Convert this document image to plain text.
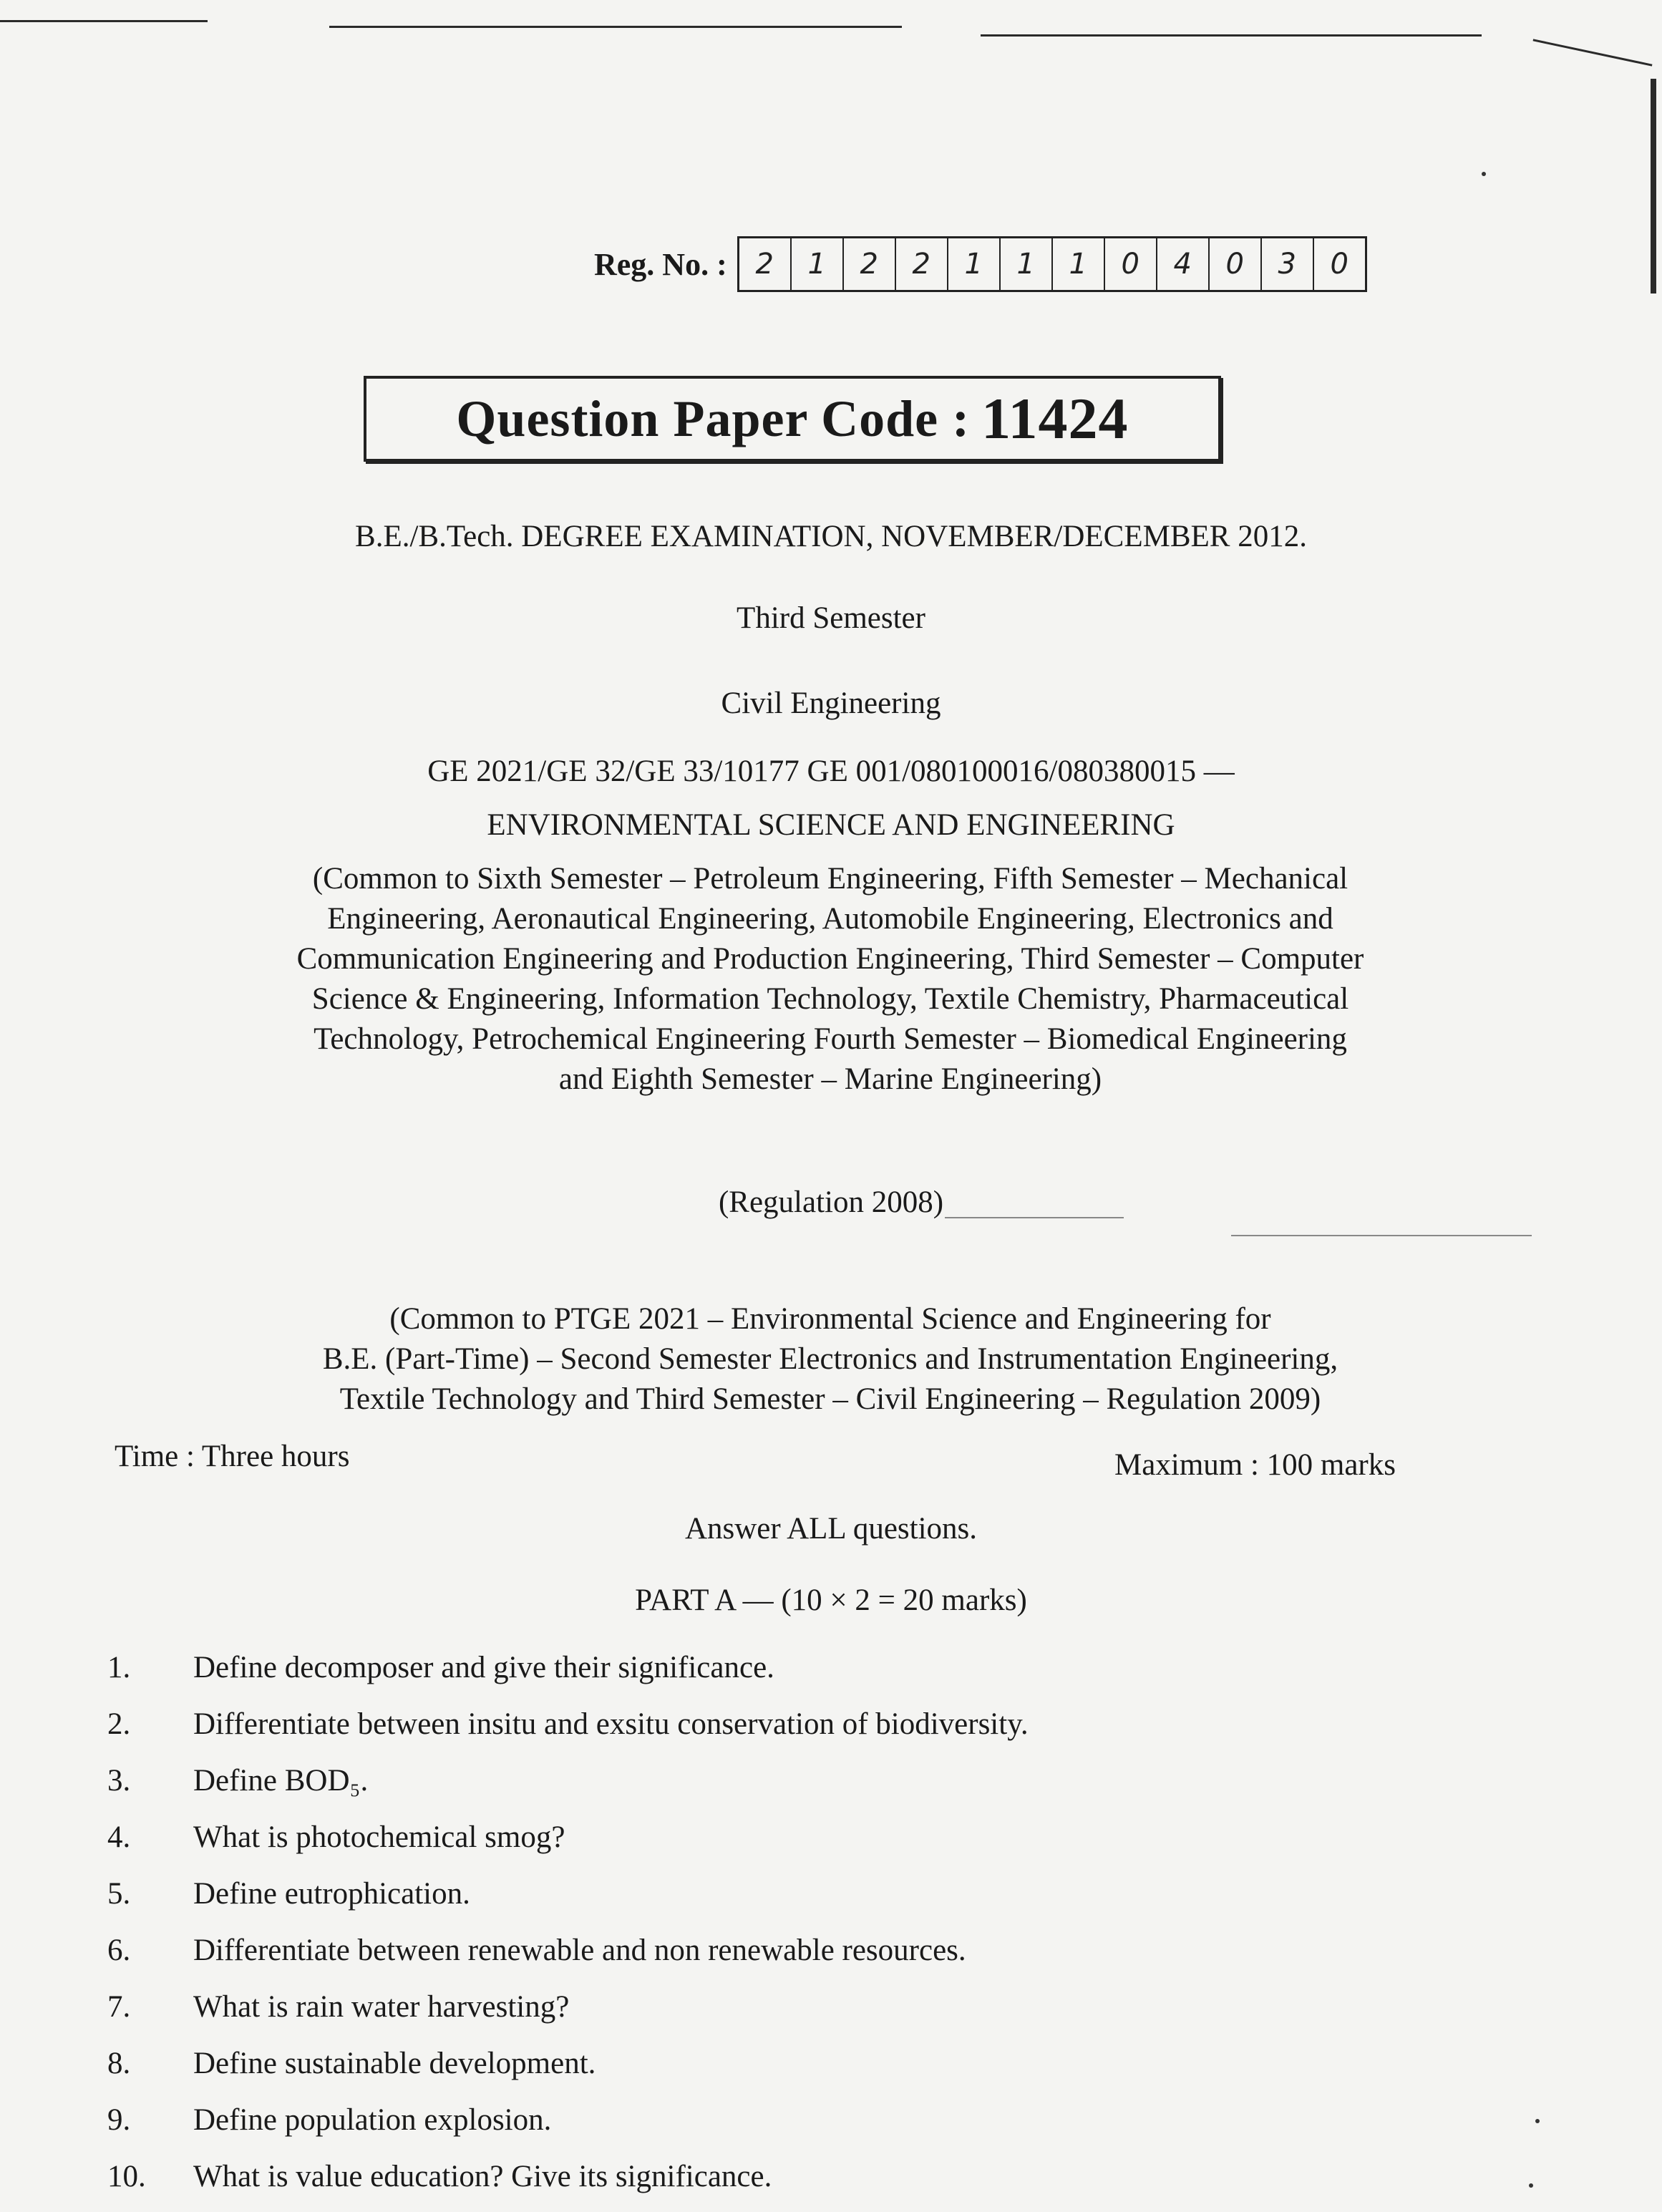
Reg. No. : 2	1	2	2	1	1	1	0	4	0	3	0
Question Paper Code : 11424
B.E./B.Tech. DEGREE EXAMINATION, NOVEMBER/DECEMBER 2012.
Third Semester
Civil Engineering
GE 2021/GE 32/GE 33/10177 GE 001/080100016/080380015 —
ENVIRONMENTAL SCIENCE AND ENGINEERING
(Common to Sixth Semester – Petroleum Engineering, Fifth Semester – Mechanical
Engineering, Aeronautical Engineering, Automobile Engineering, Electronics and
Communication Engineering and Production Engineering, Third Semester – Computer
Science & Engineering, Information Technology, Textile Chemistry, Pharmaceutical
Technology, Petrochemical Engineering Fourth Semester – Biomedical Engineering
and Eighth Semester – Marine Engineering)
(Regulation 2008)
(Common to PTGE 2021 – Environmental Science and Engineering for
B.E. (Part-Time) – Second Semester Electronics and Instrumentation Engineering,
Textile Technology and Third Semester – Civil Engineering – Regulation 2009)
Time : Three hours	Maximum : 100 marks
Answer ALL questions.
PART A — (10 × 2 = 20 marks)
1.	Define decomposer and give their significance.
2.	Differentiate between insitu and exsitu conservation of biodiversity.
3.	Define BOD₅.
4.	What is photochemical smog?
5.	Define eutrophication.
6.	Differentiate between renewable and non renewable resources.
7.	What is rain water harvesting?
8.	Define sustainable development.
9.	Define population explosion.
10.	What is value education? Give its significance.
